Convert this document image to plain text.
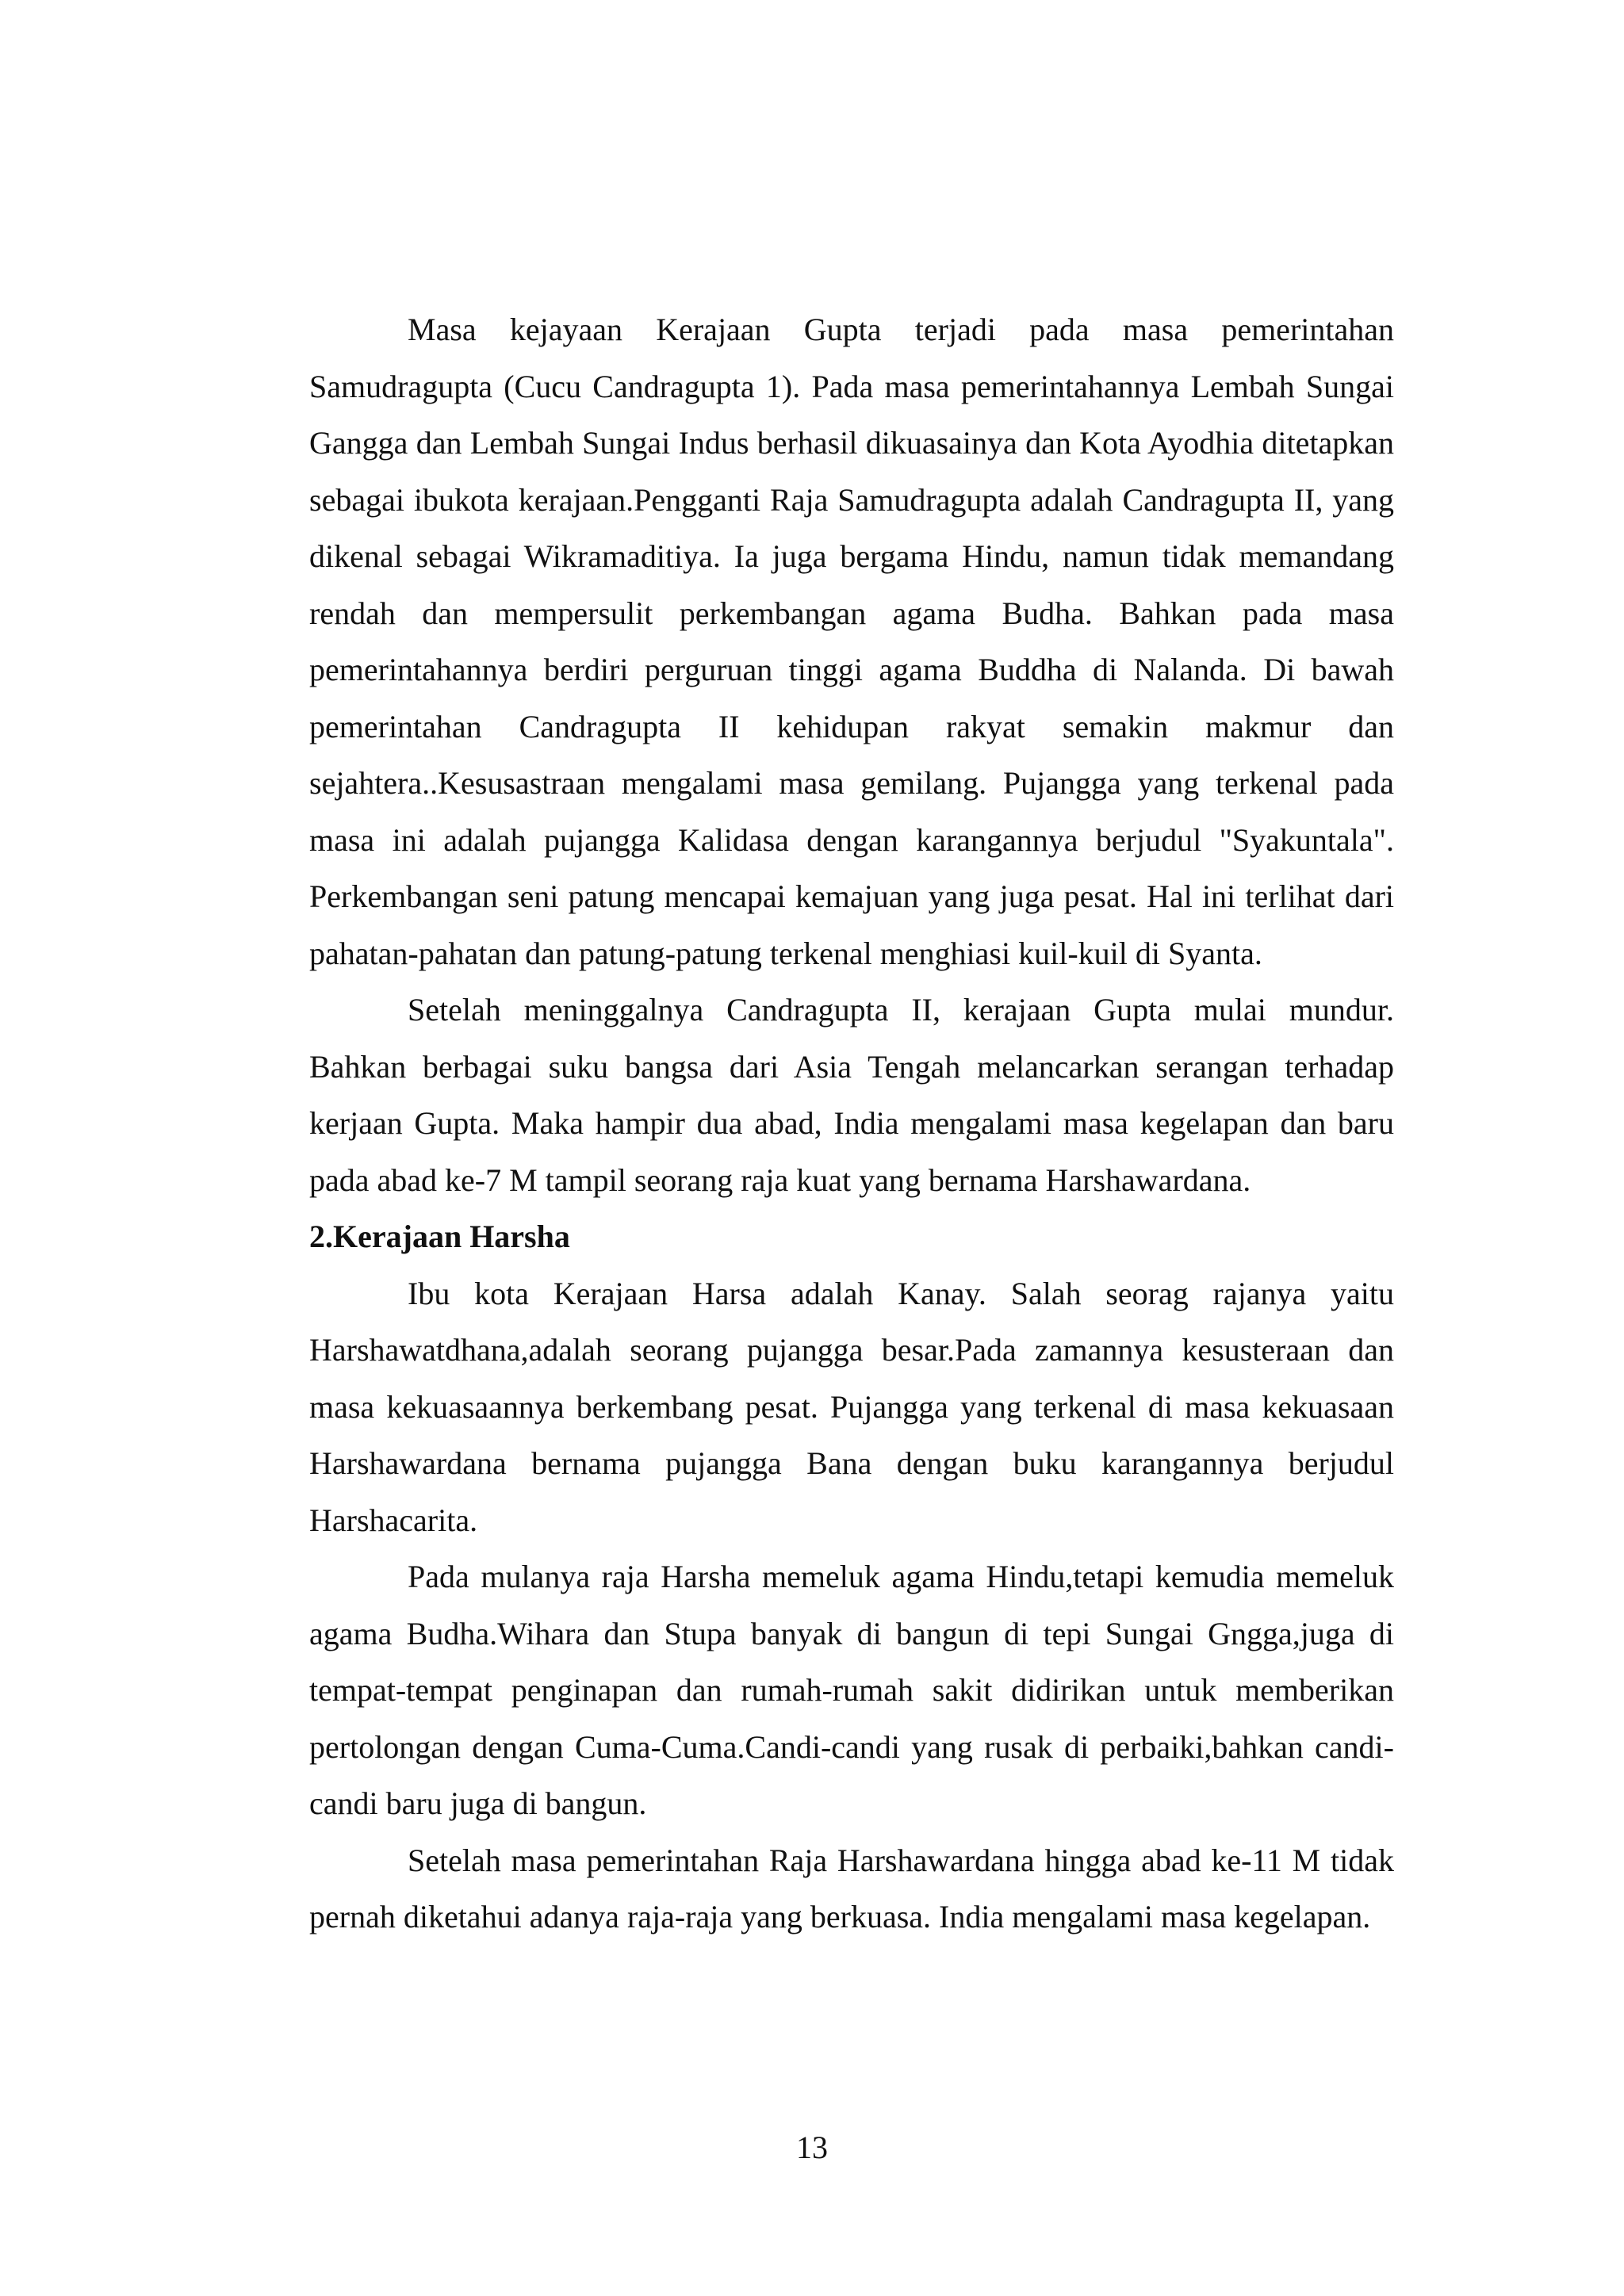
Masa kejayaan Kerajaan Gupta terjadi pada masa pemerintahan Samudragupta (Cucu Candragupta 1). Pada masa pemerintahannya Lembah Sungai Gangga dan Lembah Sungai Indus berhasil dikuasainya dan Kota Ayodhia ditetapkan sebagai ibukota kerajaan.Pengganti Raja Samudragupta adalah Candragupta II, yang dikenal sebagai Wikramaditiya. Ia juga bergama Hindu, namun tidak memandang rendah dan mempersulit perkembangan agama Budha. Bahkan pada masa pemerintahannya berdiri perguruan tinggi agama Buddha di Nalanda. Di bawah pemerintahan Candragupta II kehidupan rakyat semakin makmur dan sejahtera..Kesusastraan mengalami masa gemilang. Pujangga yang terkenal pada masa ini adalah pujangga Kalidasa dengan karangannya berjudul "Syakuntala". Perkembangan seni patung mencapai kemajuan yang juga pesat. Hal ini terlihat dari pahatan-pahatan dan patung-patung terkenal menghiasi kuil-kuil di Syanta.

Setelah meninggalnya Candragupta II, kerajaan Gupta mulai mundur. Bahkan berbagai suku bangsa dari Asia Tengah melancarkan serangan terhadap kerjaan Gupta. Maka hampir dua abad, India mengalami masa kegelapan dan baru pada abad ke-7 M tampil seorang raja kuat yang bernama Harshawardana.

2.Kerajaan Harsha

Ibu kota Kerajaan Harsa adalah Kanay. Salah seorag rajanya yaitu Harshawatdhana,adalah seorang pujangga besar.Pada zamannya kesusteraan dan masa kekuasaannya berkembang pesat. Pujangga yang terkenal di masa kekuasaan Harshawardana bernama pujangga Bana dengan buku karangannya berjudul Harshacarita.

Pada mulanya raja Harsha memeluk agama Hindu,tetapi kemudia memeluk agama Budha.Wihara dan Stupa banyak di bangun di tepi Sungai Gngga,juga di tempat-tempat penginapan dan rumah-rumah sakit didirikan untuk memberikan pertolongan dengan Cuma-Cuma.Candi-candi yang rusak di perbaiki,bahkan candi-candi baru juga di bangun.

Setelah masa pemerintahan Raja Harshawardana hingga abad ke-11 M tidak pernah diketahui adanya raja-raja yang berkuasa. India mengalami masa kegelapan.

13
